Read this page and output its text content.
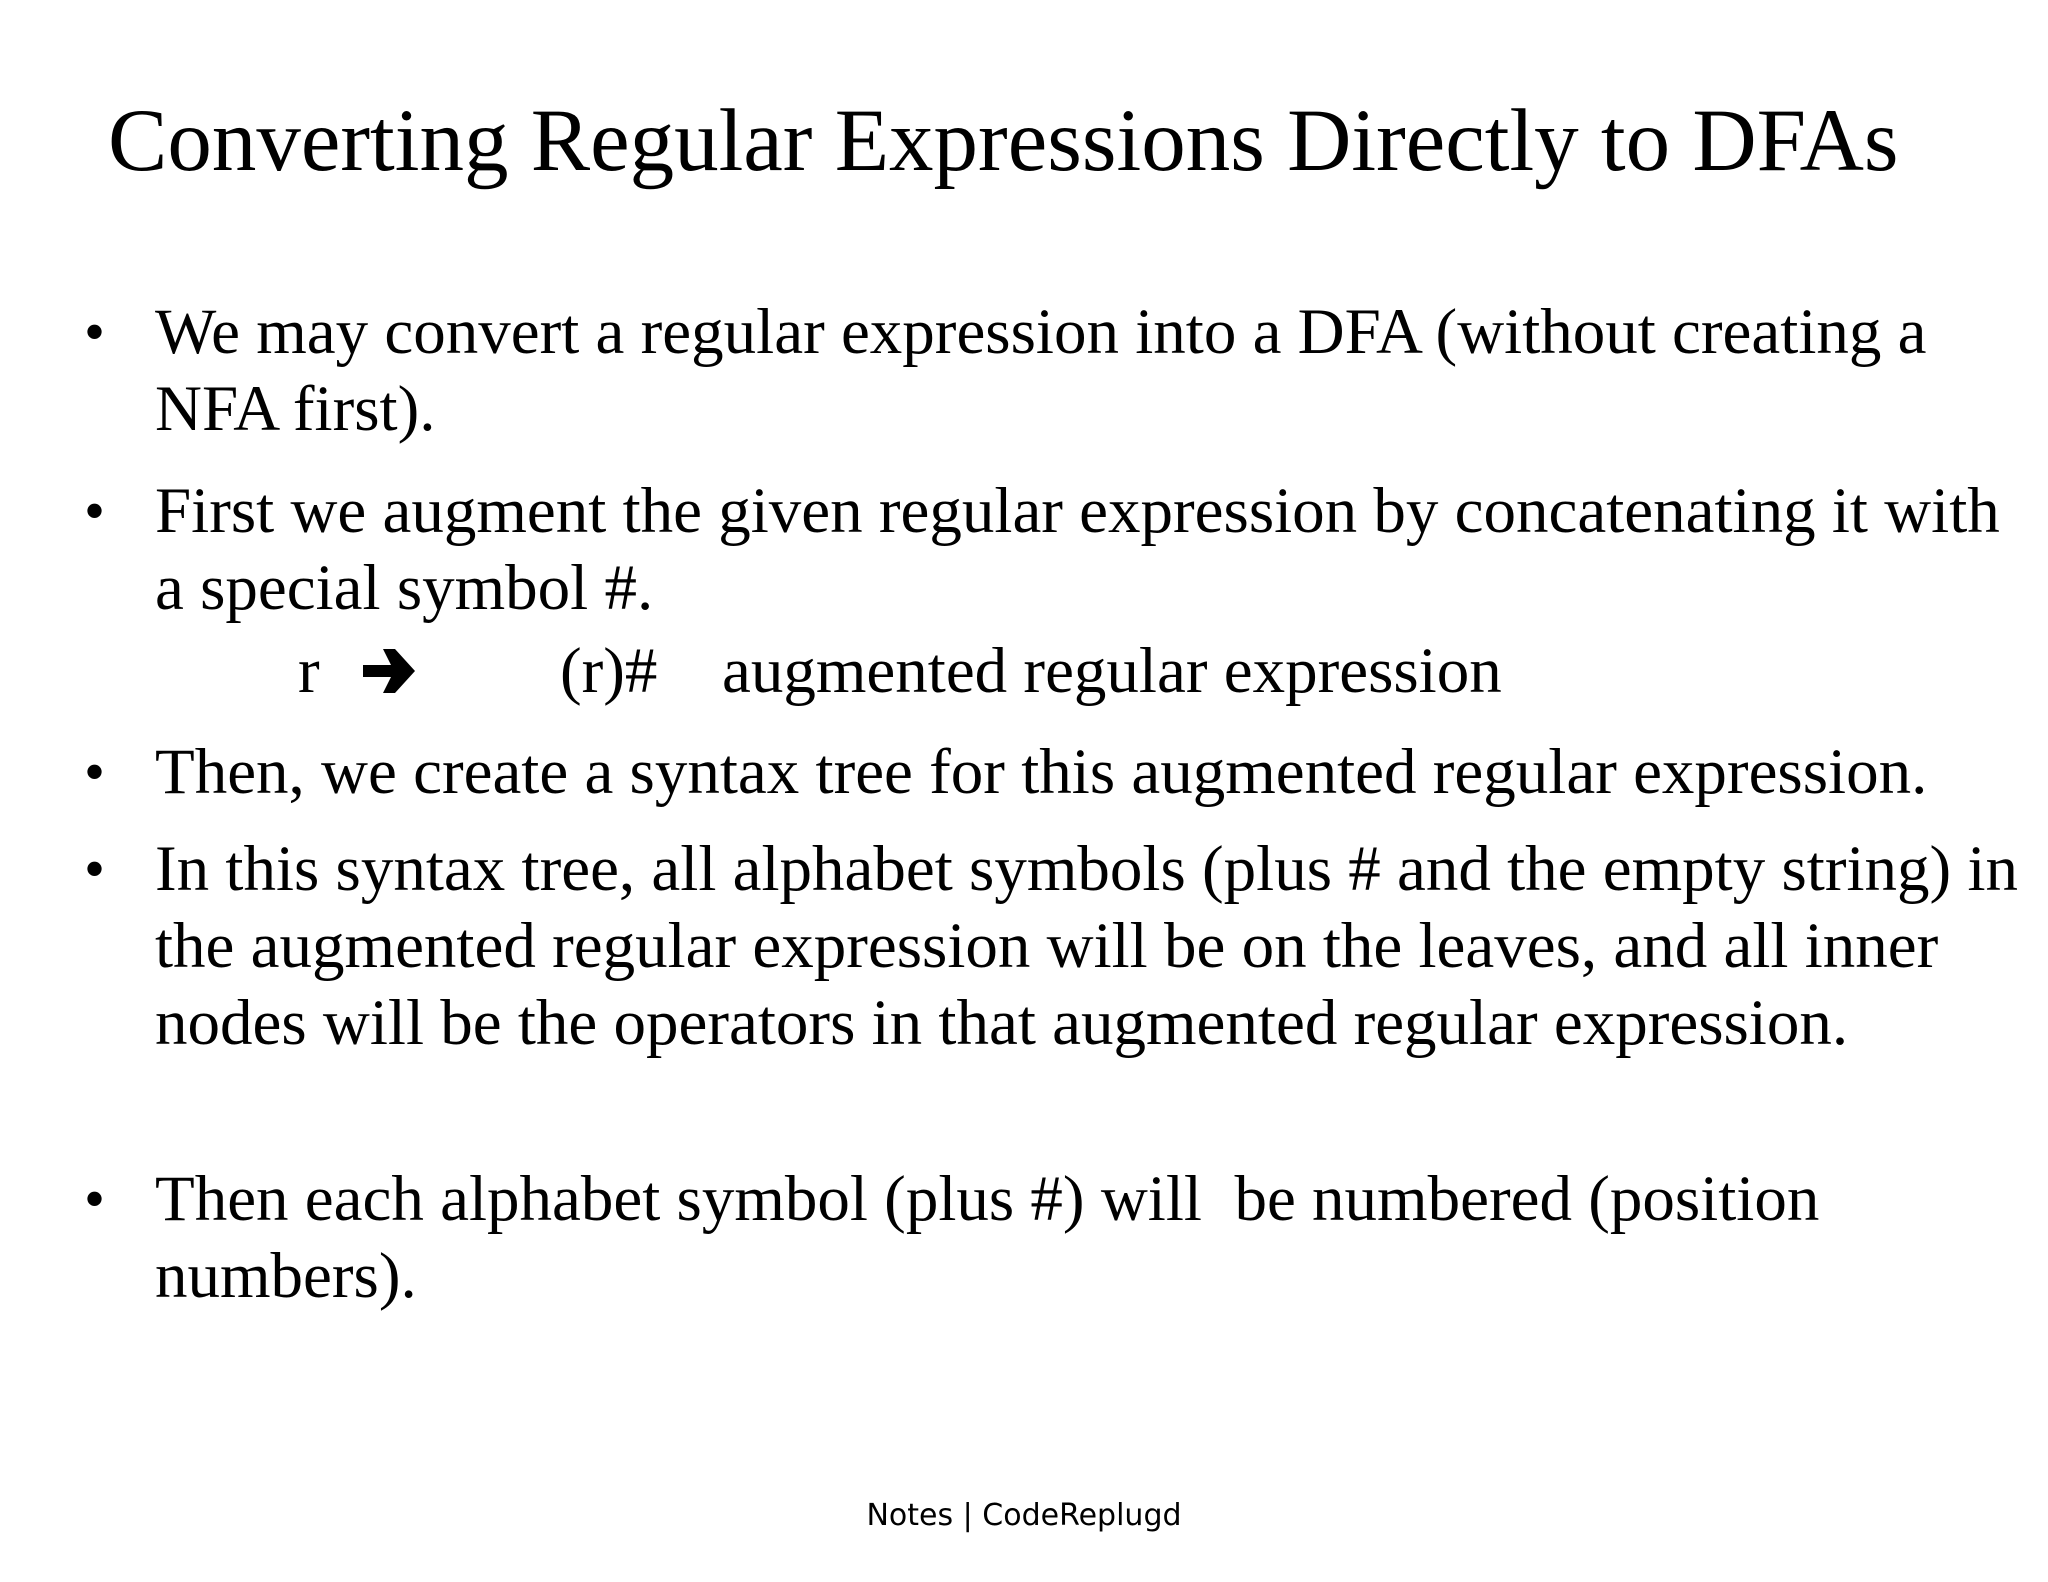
Converting Regular Expressions Directly to DFAs
• We may convert a regular expression into a DFA (without creating a NFA first).
• First we augment the given regular expression by concatenating it with  a special symbol #.
• Then, we create a syntax tree for this augmented regular expression.
• In this syntax tree, all alphabet symbols (plus # and the empty string) in the augmented regular expression will be on the leaves, and all inner nodes will be the operators in that augmented regular expression.
• Then each alphabet symbol (plus #) will  be numbered (position numbers).
r	(r)# augmented regular expression
Notes | CodeReplugd
